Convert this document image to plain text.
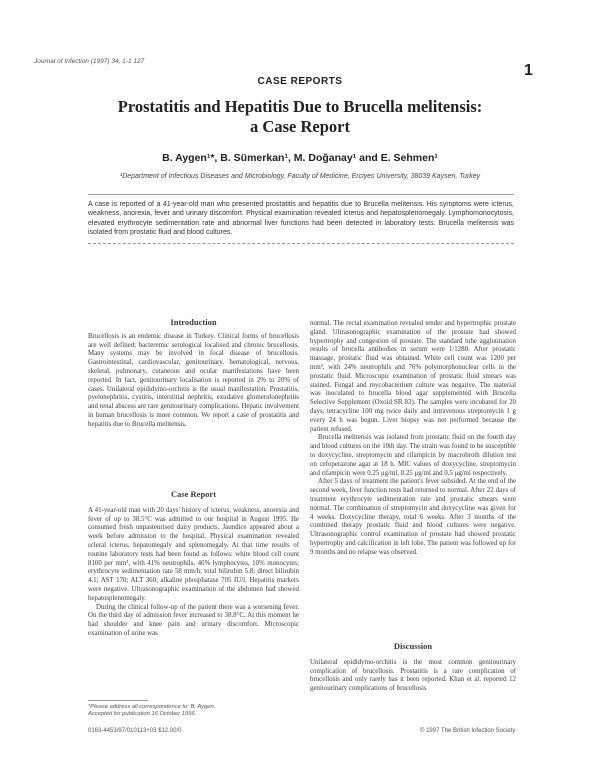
Journal of Infection (1997) 34, 1-1 127
1
CASE REPORTS
Prostatitis and Hepatitis Due to Brucella melitensis:
a Case Report
B. Aygen¹*, B. Sümerkan¹, M. Doğanay¹ and E. Sehmen¹
¹Department of Infectious Diseases and Microbiology, Faculty of Medicine, Erciyes University, 38039 Kayseri, Turkey
A case is reported of a 41-year-old man who presented prostatitis and hepatitis due to Brucella melitensis. His symptoms were icterus, weakness, anorexia, fever and urinary discomfort. Physical examination revealed icterus and hepatosplenomegaly. Lymphomonocytosis, elevated erythrocyte sedimentation rate and abnormal liver functions had been detected in laboratory tests. Brucella melitensis was isolated from prostatic fluid and blood cultures.
Introduction

Brucellosis is an endemic disease in Turkey. Clinical forms of brucellosis are well defined; bacteremic serological localised and chronic brucellosis. Many systems may be involved in focal disease of brucellosis. Gastrointestinal, cardiovascular, genitourinary, hematological, nervous, skeletal, pulmonary, cutaneous and ocular manifestations have been reported. In fact, genitourinary localisation is reported in 2% to 20% of cases. Unilateral epididymo-orchitis is the usual manifestation. Prostatitis, pyelonephritis, cystitis, interstitial nephritis, exudative glomerulonephritis and renal abscess are rare genitourinary complications. Hepatic involvement in human brucellosis is more common. We report a case of prostatitis and hepatitis due to Brucella melitensis.

Case Report

A 41-year-old man with 20 days' history of icterus, weakness, anorexia and fever of up to 38.5°C was admitted to our hospital in August 1995. He consumed fresh unpasteurised dairy products. Jaundice appeared about a week before admission to the hospital. Physical examination revealed scleral icterus, hepatomegaly and splenomegaly. At that time results of routine laboratory tests had been found as follows: white blood cell count 8100 per mm³, with 41% neutrophils, 46% lymphocytes, 10% monocytes; erythrocyte sedimentation rate 58 mm/h; total bilirubin 5.8; direct bilirubin 4.1; AST 170; ALT 360; alkaline phosphatase 705 IU/l. Hepatitis markers were negative. Ultrasonographic examination of the abdomen had showed hepatosplenomegaly.

During the clinical follow-up of the patient there was a worsening fever. On the third day of admission fever increased to 38.8°C. At this moment he had shoulder and knee pain and urinary discomfort. Microscopic examination of urine was

*Please address all correspondence to: B. Aygen.
Accepted for publication 16 October 1996.
0163-4453/97/010113+03 $12.00/0

normal. The rectal examination revealed tender and hypertrophic prostate gland. Ultrasonographic examination of the prostate had showed hypertrophy and congestion of prostate. The standard tube agglutination results of brucella antibodies in serum were 1/1280. After prostatic massage, prostatic fluid was obtained. White cell count was 1200 per mm³, with 24% neutrophils and 76% polymorphonuclear cells in the prostatic fluid. Microscopic examination of prostatic fluid smears was stained. Fungal and mycobacterium culture was negative. The material was inoculated to brucella blood agar supplemented with Brucella Selective Supplement (Oxoid SR 83). The samples were incubated for 20 days, tetracycline 100 mg twice daily and intravenous streptomycin 1 g every 24 h was begun. Liver biopsy was not performed because the patient refused.

Brucella melitensis was isolated from prostatic fluid on the fourth day and blood cultures on the 10th day. The strain was found to be susceptible to doxycycline, streptomycin and rifampicin by macrobroth dilution test on cefoperazone agar at 18 h. MIC values of doxycycline, streptomycin and rifampicin were 0.25 μg/ml, 0.25 μg/ml and 0.5 μg/ml respectively.

After 5 days of treatment the patient's fever subsided. At the end of the second week, liver function tests had returned to normal. After 22 days of treatment erythrocyte sedimentation rate and prostatic smears were normal. The combination of streptomycin and doxycycline was given for 4 weeks. Doxycycline therapy, total 6 weeks. After 3 months of the combined therapy prostatic fluid and blood cultures were negative. Ultrasonographic control examination of prostate had showed prostatic hypertrophy and calcification in left lobe. The patient was followed up for 9 months and no relapse was observed.

Discussion

Unilateral epididymo-orchitis is the most common genitourinary complication of brucellosis. Prostatitis is a rare complication of brucellosis and only rarely has it been reported. Khan et al. reported 12 genitourinary complications of brucellosis

© 1997 The British Infection Society
